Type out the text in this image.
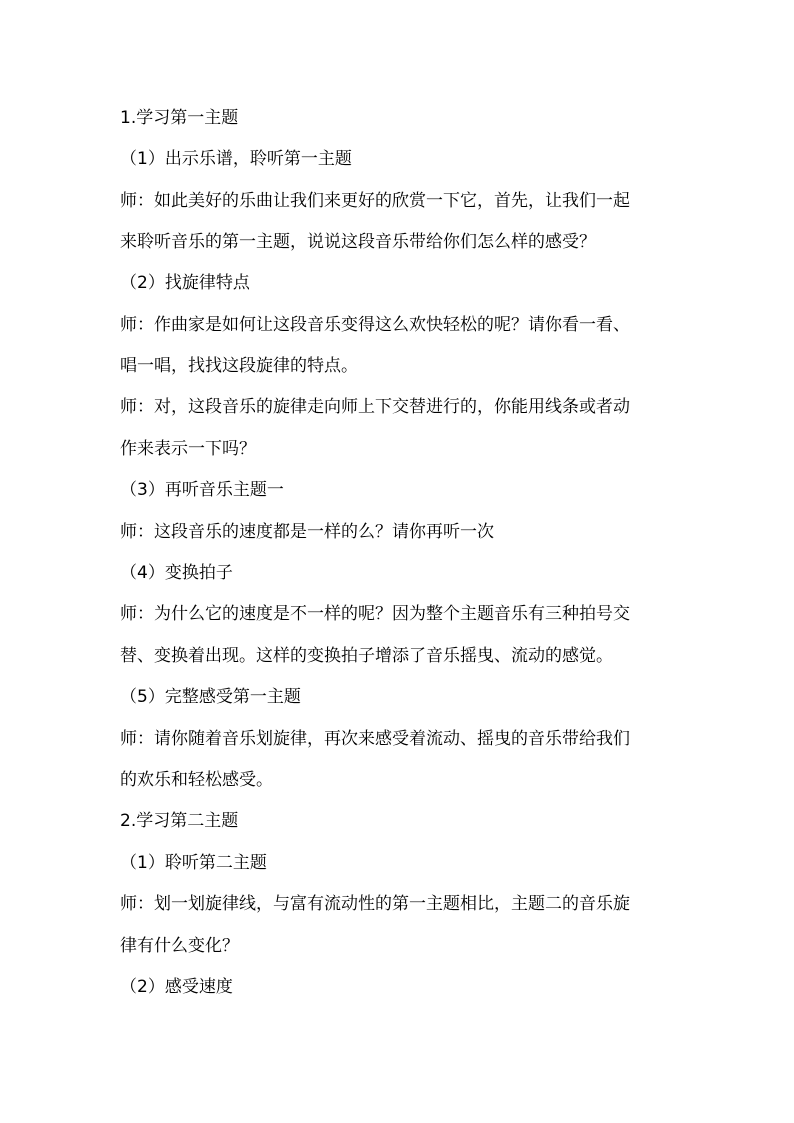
1.学习第一主题
（1）出示乐谱，聆听第一主题
师：如此美好的乐曲让我们来更好的欣赏一下它，首先，让我们一起
来聆听音乐的第一主题，说说这段音乐带给你们怎么样的感受？
（2）找旋律特点
师：作曲家是如何让这段音乐变得这么欢快轻松的呢？请你看一看、
唱一唱，找找这段旋律的特点。
师：对，这段音乐的旋律走向师上下交替进行的，你能用线条或者动
作来表示一下吗？
（3）再听音乐主题一
师：这段音乐的速度都是一样的么？请你再听一次
（4）变换拍子
师：为什么它的速度是不一样的呢？因为整个主题音乐有三种拍号交
替、变换着出现。这样的变换拍子增添了音乐摇曳、流动的感觉。
（5）完整感受第一主题
师：请你随着音乐划旋律，再次来感受着流动、摇曳的音乐带给我们
的欢乐和轻松感受。
2.学习第二主题
（1）聆听第二主题
师：划一划旋律线，与富有流动性的第一主题相比，主题二的音乐旋
律有什么变化？
（2）感受速度
